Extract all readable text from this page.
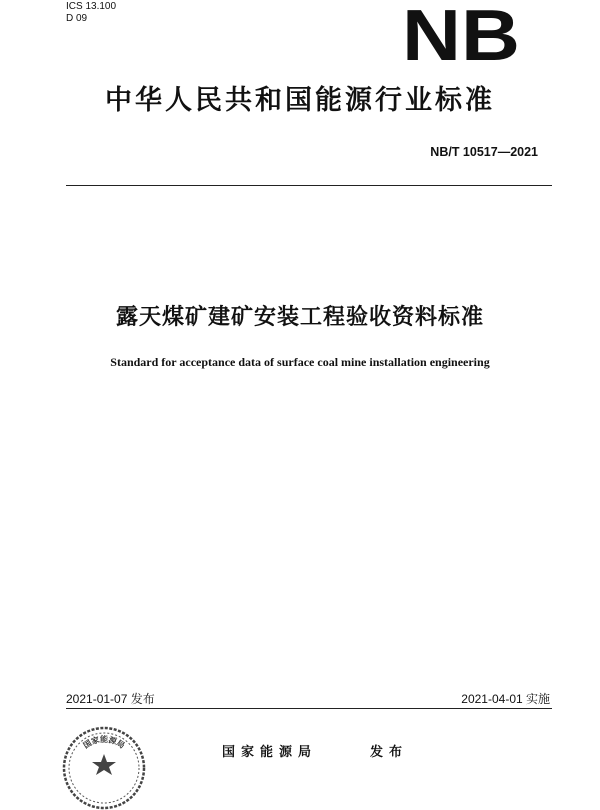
ICS 13.100
D 09	NB
中华人民共和国能源行业标准
NB/T 10517—2021
露天煤矿建矿安装工程验收资料标准
Standard for acceptance data of surface coal mine installation engineering
2021-01-07 发布	2021-04-01 实施
国家能源局
国家能源局	发布
